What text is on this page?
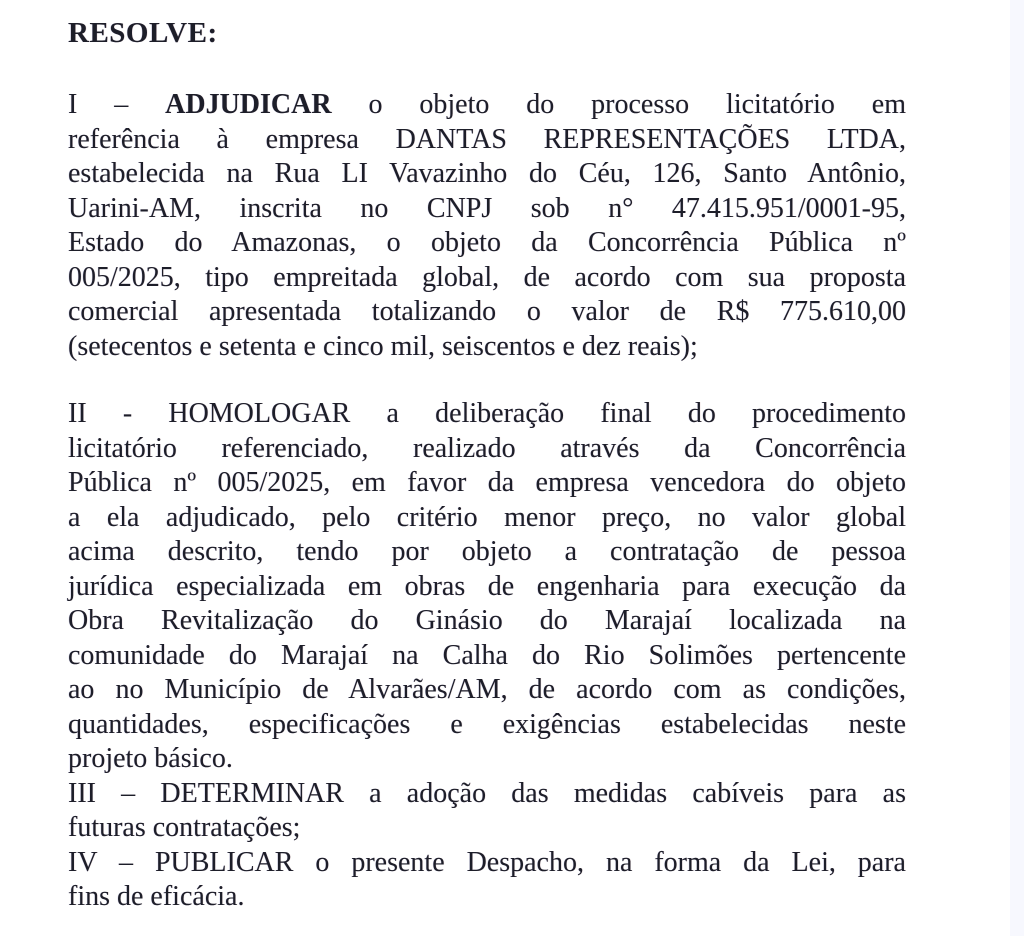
RESOLVE:
I – ADJUDICAR o objeto do processo licitatório em
referência à empresa DANTAS REPRESENTAÇÕES LTDA,
estabelecida na Rua LI Vavazinho do Céu, 126, Santo Antônio,
Uarini-AM, inscrita no CNPJ sob n° 47.415.951/0001-95,
Estado do Amazonas, o objeto da Concorrência Pública nº
005/2025, tipo empreitada global, de acordo com sua proposta
comercial apresentada totalizando o valor de R$ 775.610,00
(setecentos e setenta e cinco mil, seiscentos e dez reais);
II - HOMOLOGAR a deliberação final do procedimento
licitatório referenciado, realizado através da Concorrência
Pública nº 005/2025, em favor da empresa vencedora do objeto
a ela adjudicado, pelo critério menor preço, no valor global
acima descrito, tendo por objeto a contratação de pessoa
jurídica especializada em obras de engenharia para execução da
Obra Revitalização do Ginásio do Marajaí localizada na
comunidade do Marajaí na Calha do Rio Solimões pertencente
ao no Município de Alvarães/AM, de acordo com as condições,
quantidades, especificações e exigências estabelecidas neste
projeto básico.
III – DETERMINAR a adoção das medidas cabíveis para as
futuras contratações;
IV – PUBLICAR o presente Despacho, na forma da Lei, para
fins de eficácia.
